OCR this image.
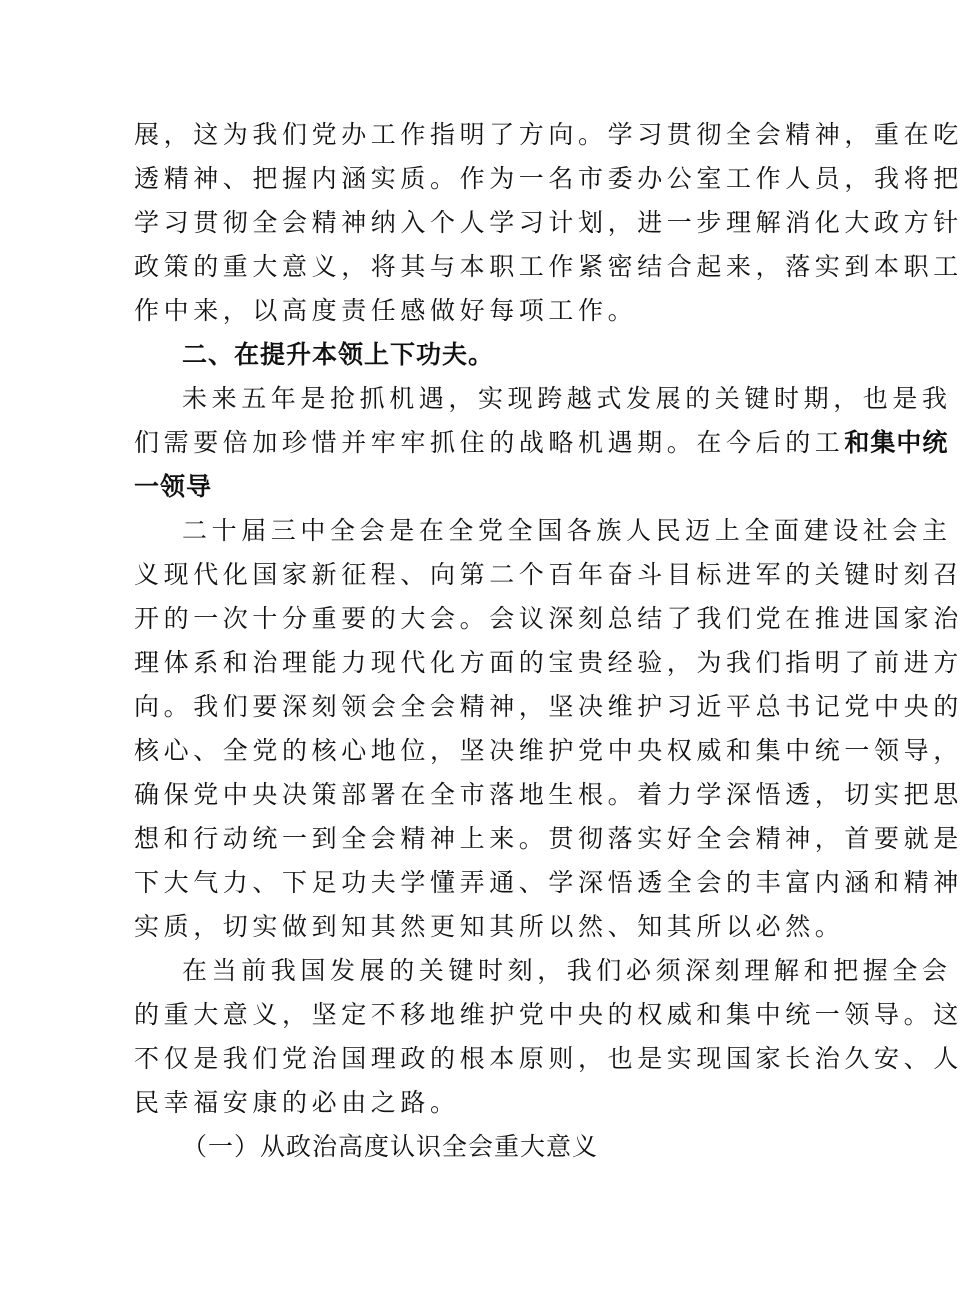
展，这为我们党办工作指明了方向。学习贯彻全会精神，重在吃
透精神、把握内涵实质。作为一名市委办公室工作人员，我将把
学习贯彻全会精神纳入个人学习计划，进一步理解消化大政方针
政策的重大意义，将其与本职工作紧密结合起来，落实到本职工
作中来，以高度责任感做好每项工作。
二、在提升本领上下功夫。
未来五年是抢抓机遇，实现跨越式发展的关键时期，也是我
们需要倍加珍惜并牢牢抓住的战略机遇期。在今后的工和集中统
一领导
二十届三中全会是在全党全国各族人民迈上全面建设社会主
义现代化国家新征程、向第二个百年奋斗目标进军的关键时刻召
开的一次十分重要的大会。会议深刻总结了我们党在推进国家治
理体系和治理能力现代化方面的宝贵经验，为我们指明了前进方
向。我们要深刻领会全会精神，坚决维护习近平总书记党中央的
核心、全党的核心地位，坚决维护党中央权威和集中统一领导，
确保党中央决策部署在全市落地生根。着力学深悟透，切实把思
想和行动统一到全会精神上来。贯彻落实好全会精神，首要就是
下大气力、下足功夫学懂弄通、学深悟透全会的丰富内涵和精神
实质，切实做到知其然更知其所以然、知其所以必然。
在当前我国发展的关键时刻，我们必须深刻理解和把握全会
的重大意义，坚定不移地维护党中央的权威和集中统一领导。这
不仅是我们党治国理政的根本原则，也是实现国家长治久安、人
民幸福安康的必由之路。
（一）从政治高度认识全会重大意义
